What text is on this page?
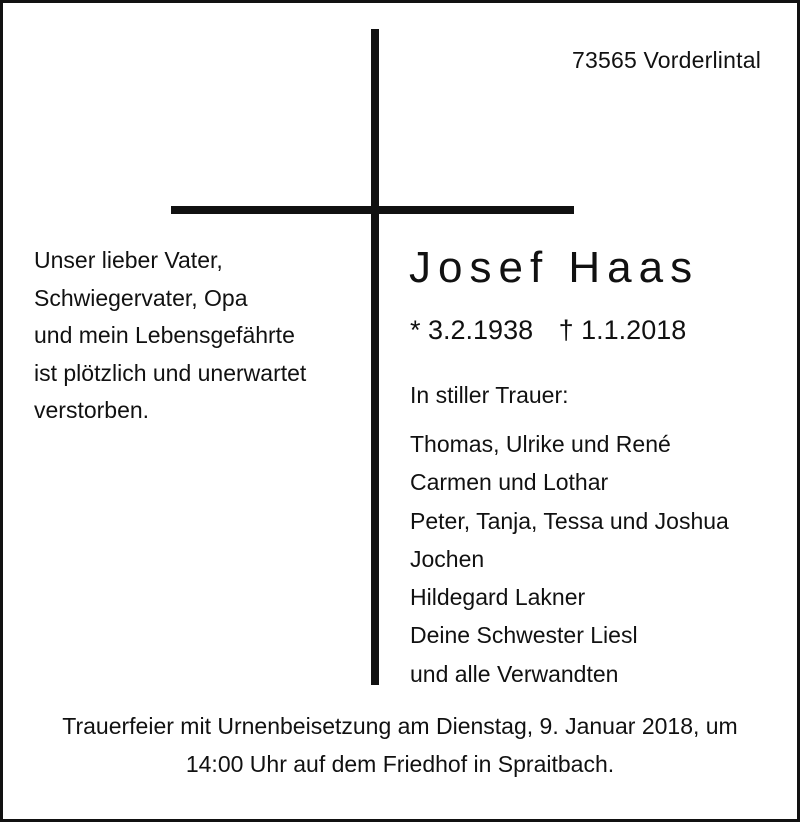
73565 Vorderlintal
Unser lieber Vater,
Schwiegervater, Opa
und mein Lebensgefährte
ist plötzlich und unerwartet
verstorben.
Josef Haas
* 3.2.1938 † 1.1.2018
In stiller Trauer:
Thomas, Ulrike und René
Carmen und Lothar
Peter, Tanja, Tessa und Joshua
Jochen
Hildegard Lakner
Deine Schwester Liesl
und alle Verwandten
Trauerfeier mit Urnenbeisetzung am Dienstag, 9. Januar 2018, um
14:00 Uhr auf dem Friedhof in Spraitbach.
